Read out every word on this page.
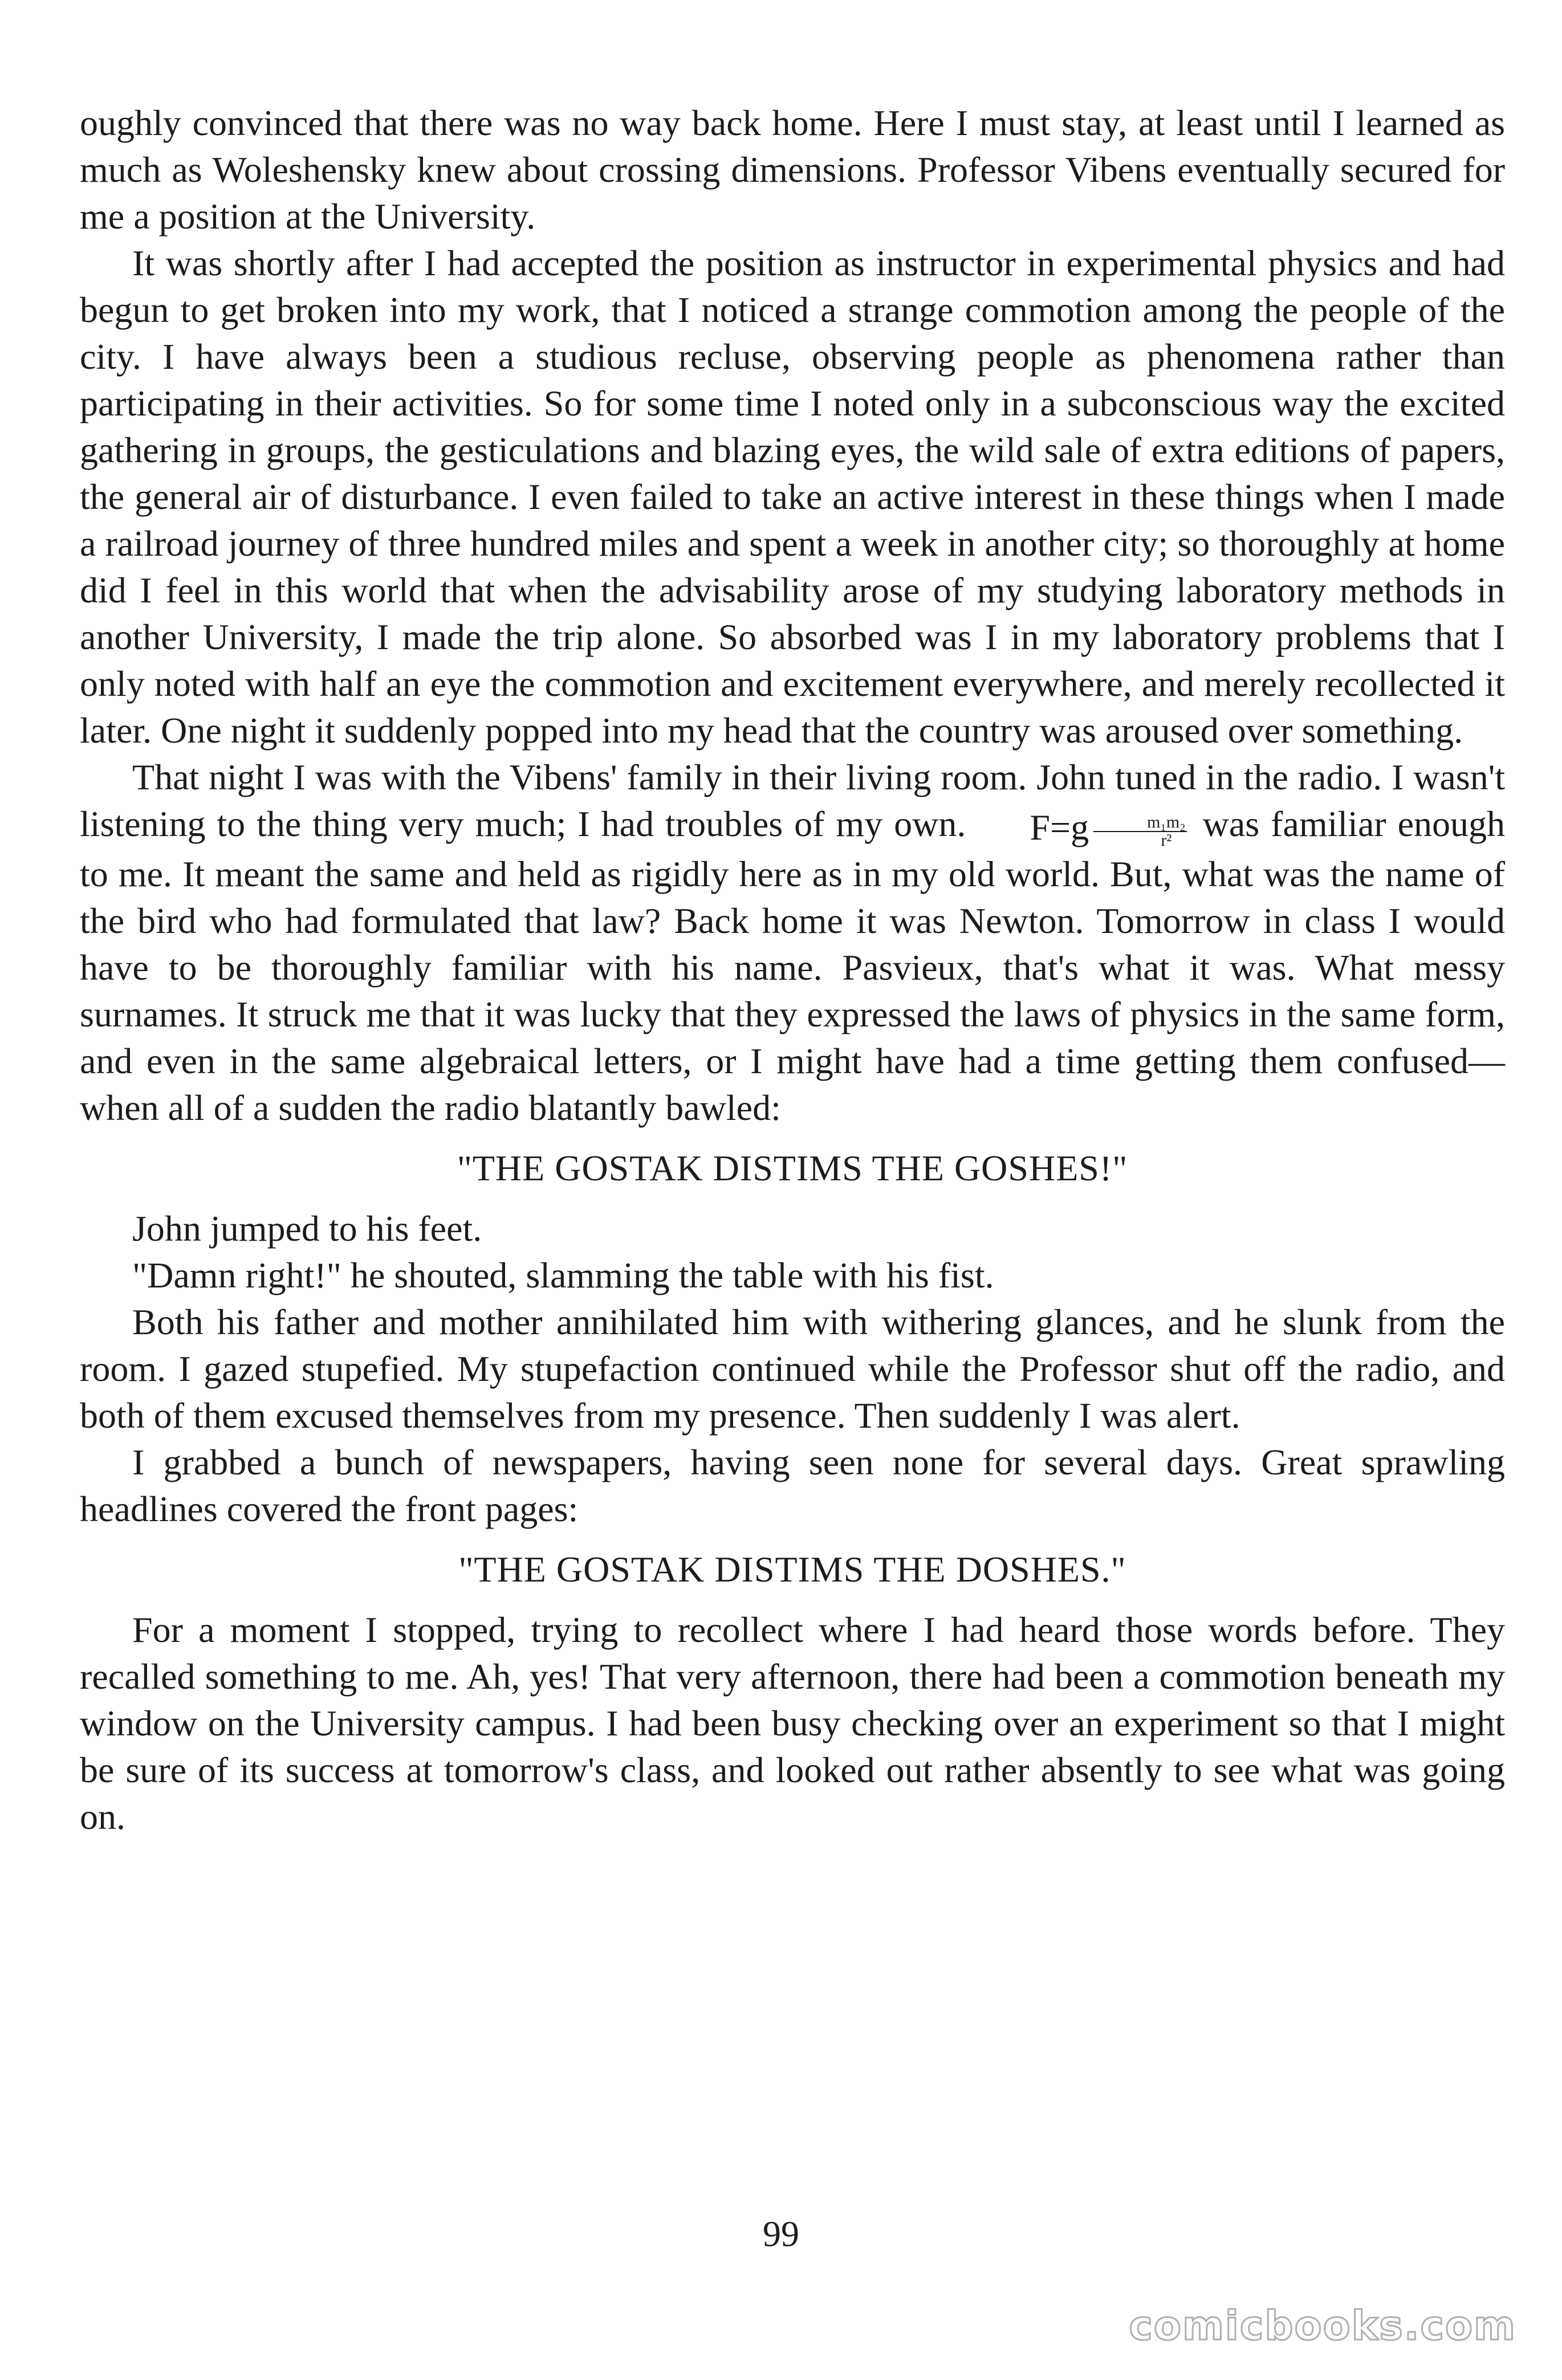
oughly convinced that there was no way back home. Here I must stay, at least until I learned as much as Woleshensky knew about crossing dimensions. Professor Vibens eventually secured for me a position at the University.

It was shortly after I had accepted the position as instructor in experimental physics and had begun to get broken into my work, that I noticed a strange commotion among the people of the city. I have always been a studious recluse, observing people as phenomena rather than participating in their activities. So for some time I noted only in a subconscious way the excited gathering in groups, the gesticulations and blazing eyes, the wild sale of extra editions of papers, the general air of disturbance. I even failed to take an active interest in these things when I made a railroad journey of three hundred miles and spent a week in another city; so thoroughly at home did I feel in this world that when the advisability arose of my studying laboratory methods in another University, I made the trip alone. So absorbed was I in my laboratory problems that I only noted with half an eye the commotion and excitement everywhere, and merely recollected it later. One night it suddenly popped into my head that the country was aroused over something.

That night I was with the Vibens' family in their living room. John tuned in the radio. I wasn't listening to the thing very much; I had troubles of my own. $F=g \frac{\text{m₁m₂}}{\text{r²}}$ was familiar enough to me. It meant the same and held as rigidly here as in my old world. But, what was the name of the bird who had formulated that law? Back home it was Newton. Tomorrow in class I would have to be thoroughly familiar with his name. Pasvieux, that's what it was. What messy surnames. It struck me that it was lucky that they expressed the laws of physics in the same form, and even in the same algebraical letters, or I might have had a time getting them confused—when all of a sudden the radio blatantly bawled:

"THE GOSTAK DISTIMS THE GOSHES!"

John jumped to his feet.

"Damn right!" he shouted, slamming the table with his fist.

Both his father and mother annihilated him with withering glances, and he slunk from the room. I gazed stupefied. My stupefaction continued while the Professor shut off the radio, and both of them excused themselves from my presence. Then suddenly I was alert.

I grabbed a bunch of newspapers, having seen none for several days. Great sprawling headlines covered the front pages:

"THE GOSTAK DISTIMS THE DOSHES."

For a moment I stopped, trying to recollect where I had heard those words before. They recalled something to me. Ah, yes! That very afternoon, there had been a commotion beneath my window on the University campus. I had been busy checking over an experiment so that I might be sure of its success at tomorrow's class, and looked out rather absently to see what was going on.

99
comicbooks.com
